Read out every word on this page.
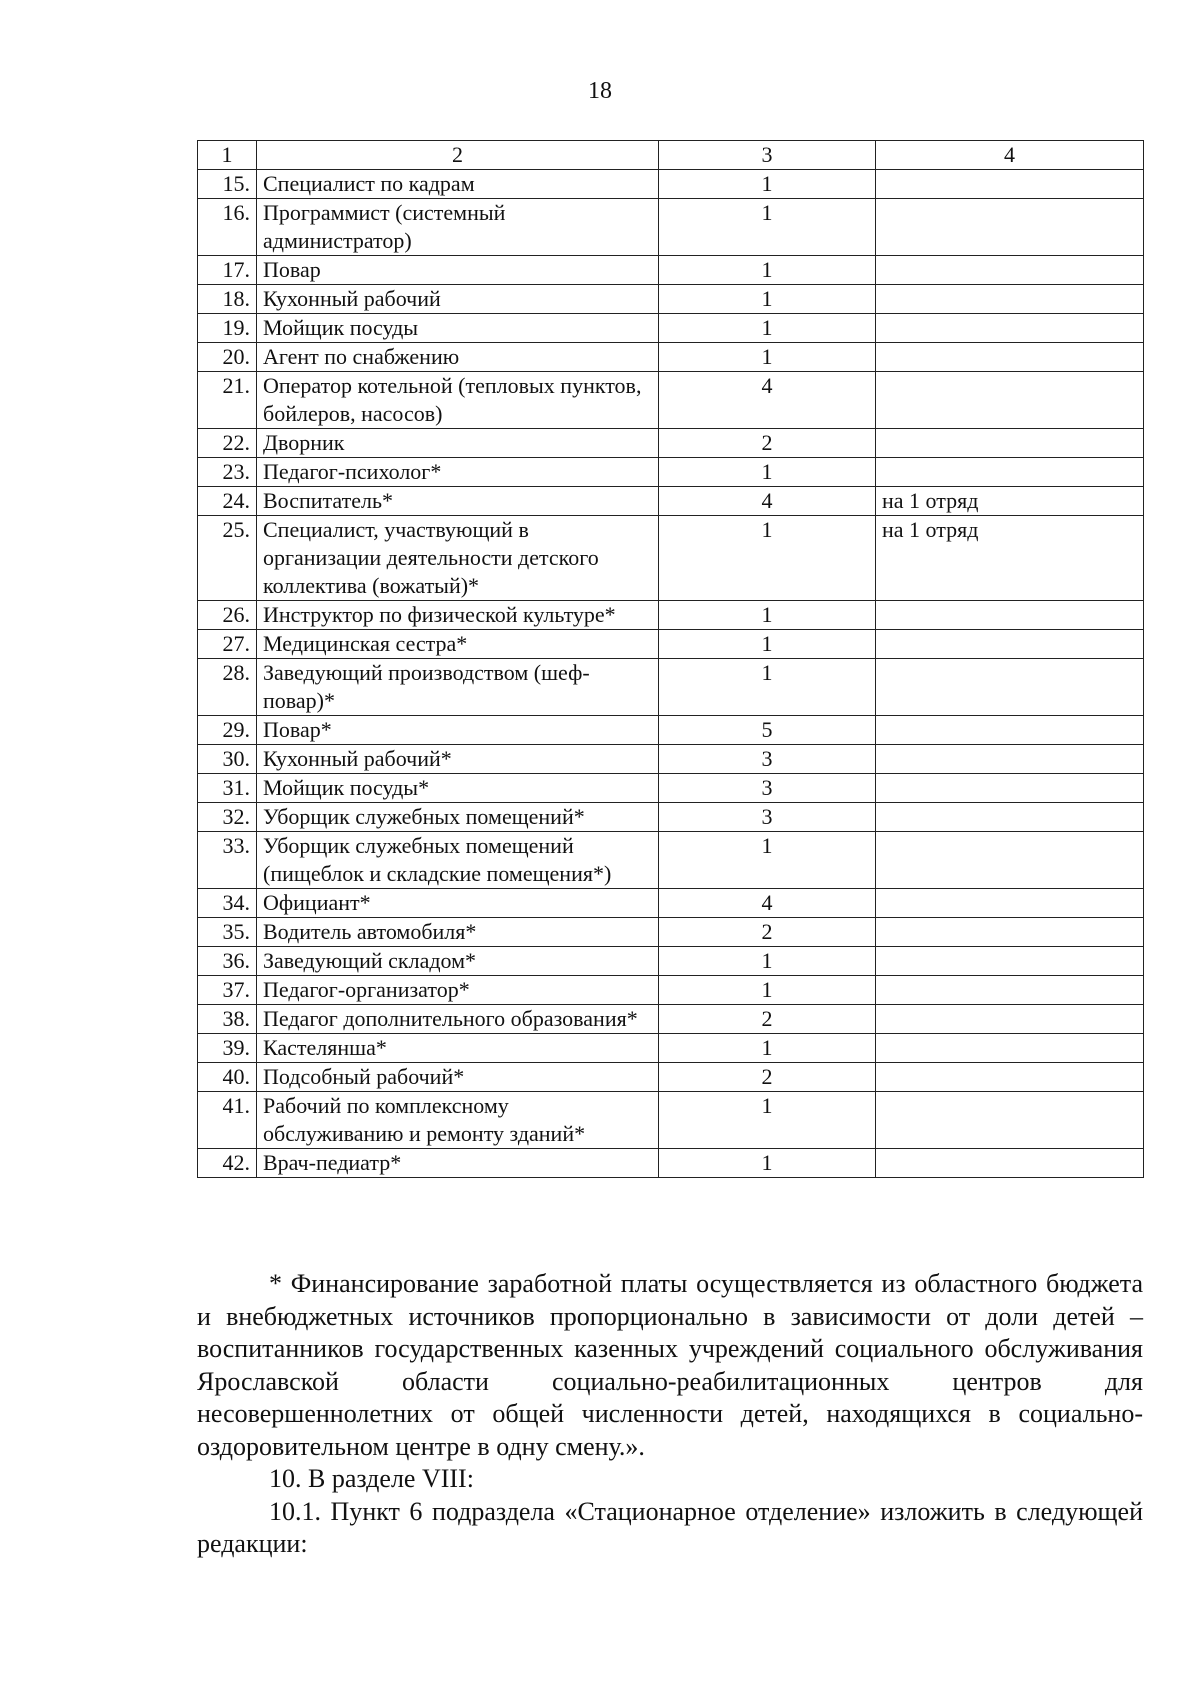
18
1	2	3	4
15.	Специалист по кадрам	1	
16.	Программист (системный администратор)	1	
17.	Повар	1	
18.	Кухонный рабочий	1	
19.	Мойщик посуды	1	
20.	Агент по снабжению	1	
21.	Оператор котельной (тепловых пунктов, бойлеров, насосов)	4	
22.	Дворник	2	
23.	Педагог-психолог*	1	
24.	Воспитатель*	4	на 1 отряд
25.	Специалист, участвующий в организации деятельности детского коллектива (вожатый)*	1	на 1 отряд
26.	Инструктор по физической культуре*	1	
27.	Медицинская сестра*	1	
28.	Заведующий производством (шеф-повар)*	1	
29.	Повар*	5	
30.	Кухонный рабочий*	3	
31.	Мойщик посуды*	3	
32.	Уборщик служебных помещений*	3	
33.	Уборщик служебных помещений (пищеблок и складские помещения*)	1	
34.	Официант*	4	
35.	Водитель автомобиля*	2	
36.	Заведующий складом*	1	
37.	Педагог-организатор*	1	
38.	Педагог дополнительного образования*	2	
39.	Кастелянша*	1	
40.	Подсобный рабочий*	2	
41.	Рабочий по комплексному обслуживанию и ремонту зданий*	1	
42.	Врач-педиатр*	1	

* Финансирование заработной платы осуществляется из областного бюджета и внебюджетных источников пропорционально в зависимости от доли детей – воспитанников государственных казенных учреждений социального обслуживания Ярославской области социально-реабилитационных центров для несовершеннолетних от общей численности детей, находящихся в социально-оздоровительном центре в одну смену.».

10. В разделе VIII:

10.1. Пункт 6 подраздела «Стационарное отделение» изложить в следующей редакции:
